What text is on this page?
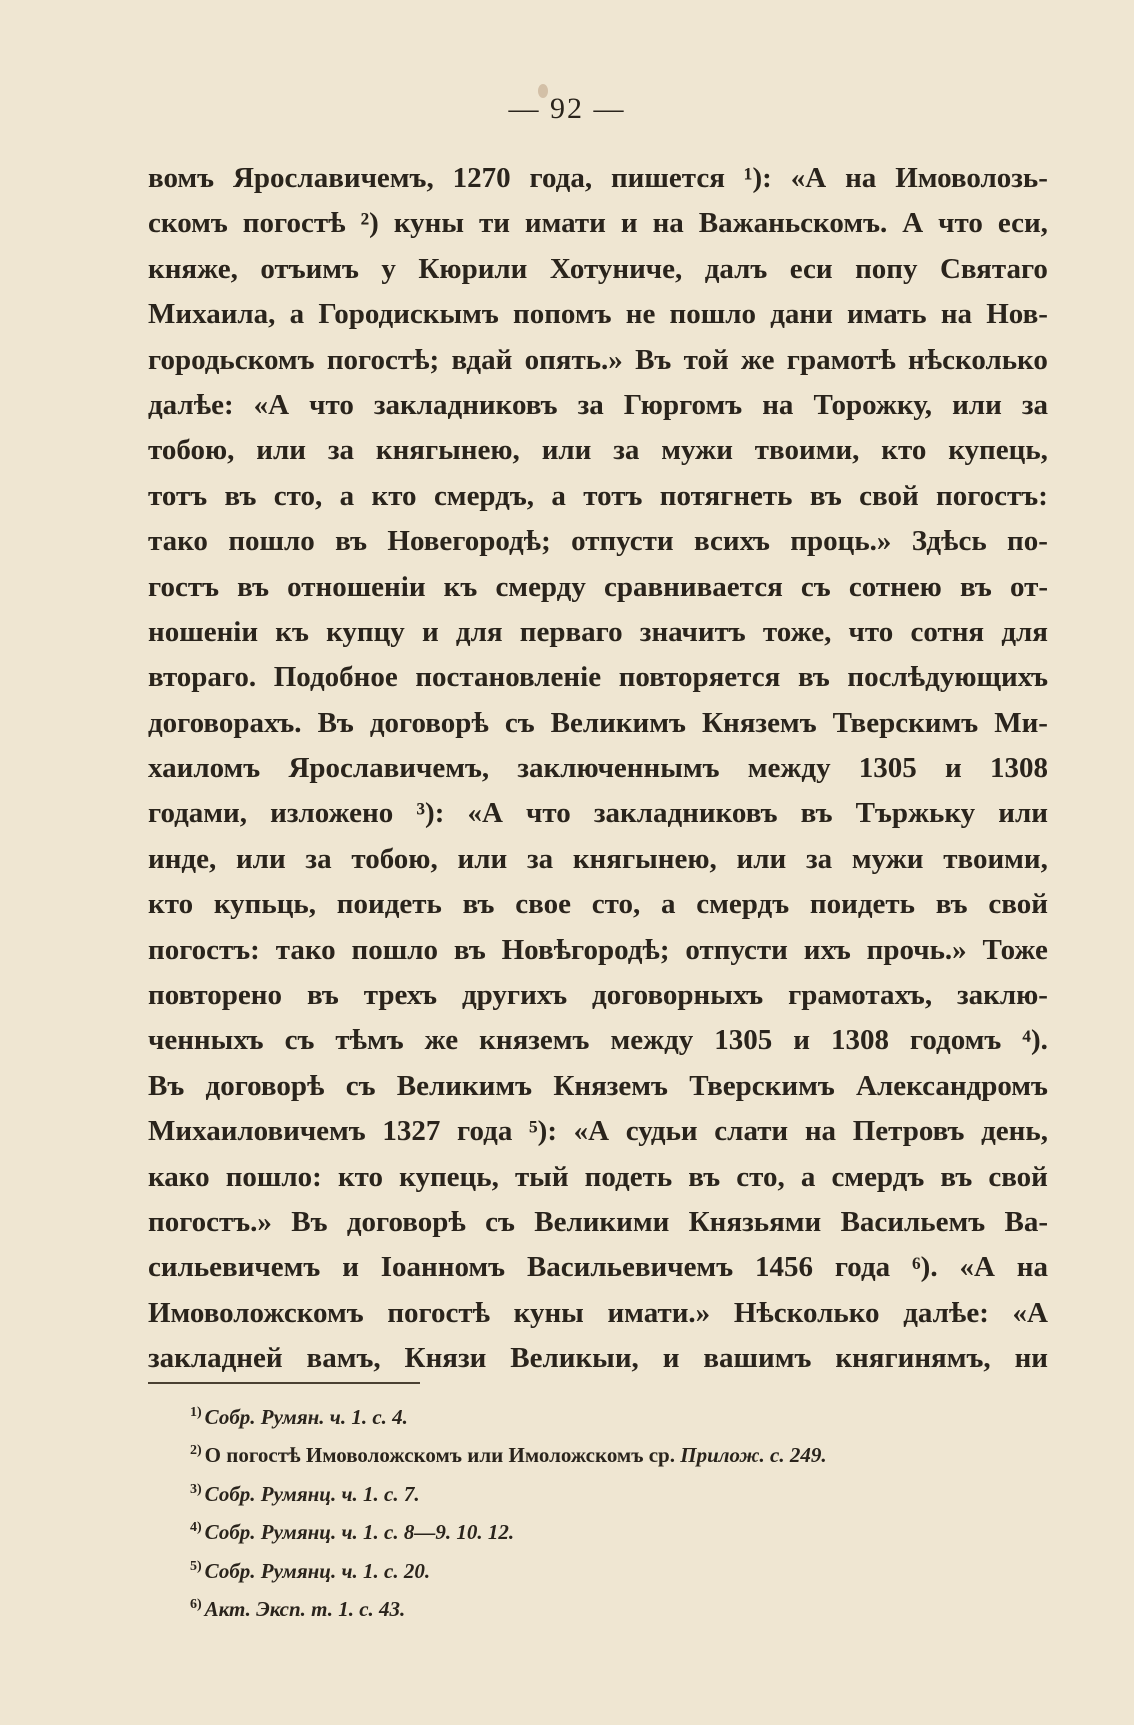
— 92 —
вомъ Ярославичемъ, 1270 года, пишется ¹): «А на Имоволозь-
скомъ погостѣ ²) куны ти имати и на Важаньскомъ. А что еси,
княже, отъимъ у Кюрили Хотуниче, далъ еси попу Святаго
Михаила, а Городискымъ попомъ не пошло дани имать на Нов-
городьскомъ погостѣ; вдай опять.» Въ той же грамотѣ нѣсколько
далѣе: «А что закладниковъ за Гюргомъ на Торожку, или за
тобою, или за княгынею, или за мужи твоими, кто купець,
тотъ въ сто, а кто смердъ, а тотъ потягнеть въ свой погостъ:
тако пошло въ Новегородѣ; отпусти всихъ проць.» Здѣсь по-
гостъ въ отношеніи къ смерду сравнивается съ сотнею въ от-
ношеніи къ купцу и для перваго значитъ тоже, что сотня для
втораго. Подобное постановленіе повторяется въ послѣдующихъ
договорахъ. Въ договорѣ съ Великимъ Княземъ Тверскимъ Ми-
хаиломъ Ярославичемъ, заключеннымъ между 1305 и 1308
годами, изложено ³): «А что закладниковъ въ Тържьку или
инде, или за тобою, или за княгынею, или за мужи твоими,
кто купьць, поидеть въ свое сто, а смердъ поидеть въ свой
погостъ: тако пошло въ Новѣгородѣ; отпусти ихъ прочь.» Тоже
повторено въ трехъ другихъ договорныхъ грамотахъ, заклю-
ченныхъ съ тѣмъ же княземъ между 1305 и 1308 годомъ ⁴).
Въ договорѣ съ Великимъ Княземъ Тверскимъ Александромъ
Михаиловичемъ 1327 года ⁵): «А судьи слати на Петровъ день,
како пошло: кто купець, тый подеть въ сто, а смердъ въ свой
погостъ.» Въ договорѣ съ Великими Князьями Васильемъ Ва-
сильевичемъ и Іоанномъ Васильевичемъ 1456 года ⁶). «А на
Имоволожскомъ погостѣ куны имати.» Нѣсколько далѣе: «А
закладней вамъ, Князи Великыи, и вашимъ княгинямъ, ни
$^{1)}$ Собр. Румян. ч. 1. с. 4.
$^{2)}$ О погостѣ Имоволожскомъ или Имоложскомъ ср. Прилож. с. 249.
$^{3)}$ Собр. Румянц. ч. 1. с. 7.
$^{4)}$ Собр. Румянц. ч. 1. с. 8—9. 10. 12.
$^{5)}$ Собр. Румянц. ч. 1. с. 20.
$^{6)}$ Акт. Эксп. т. 1. с. 43.
